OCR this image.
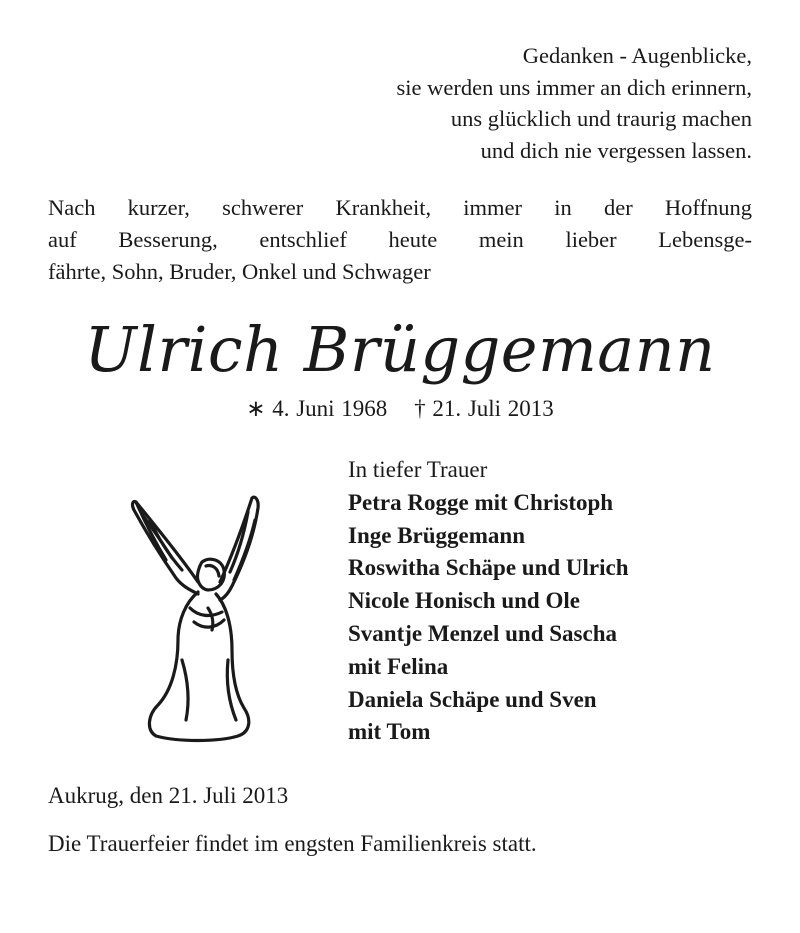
Gedanken - Augenblicke,
sie werden uns immer an dich erinnern,
uns glücklich und traurig machen
und dich nie vergessen lassen.
Nach kurzer, schwerer Krankheit, immer in der Hoffnung
auf Besserung, entschlief heute mein lieber Lebensge-
fährte, Sohn, Bruder, Onkel und Schwager
Ulrich Brüggemann
∗ 4. Juni 1968 † 21. Juli 2013
In tiefer Trauer
Petra Rogge mit Christoph
Inge Brüggemann
Roswitha Schäpe und Ulrich
Nicole Honisch und Ole
Svantje Menzel und Sascha
mit Felina
Daniela Schäpe und Sven
mit Tom
Aukrug, den 21. Juli 2013
Die Trauerfeier findet im engsten Familienkreis statt.
